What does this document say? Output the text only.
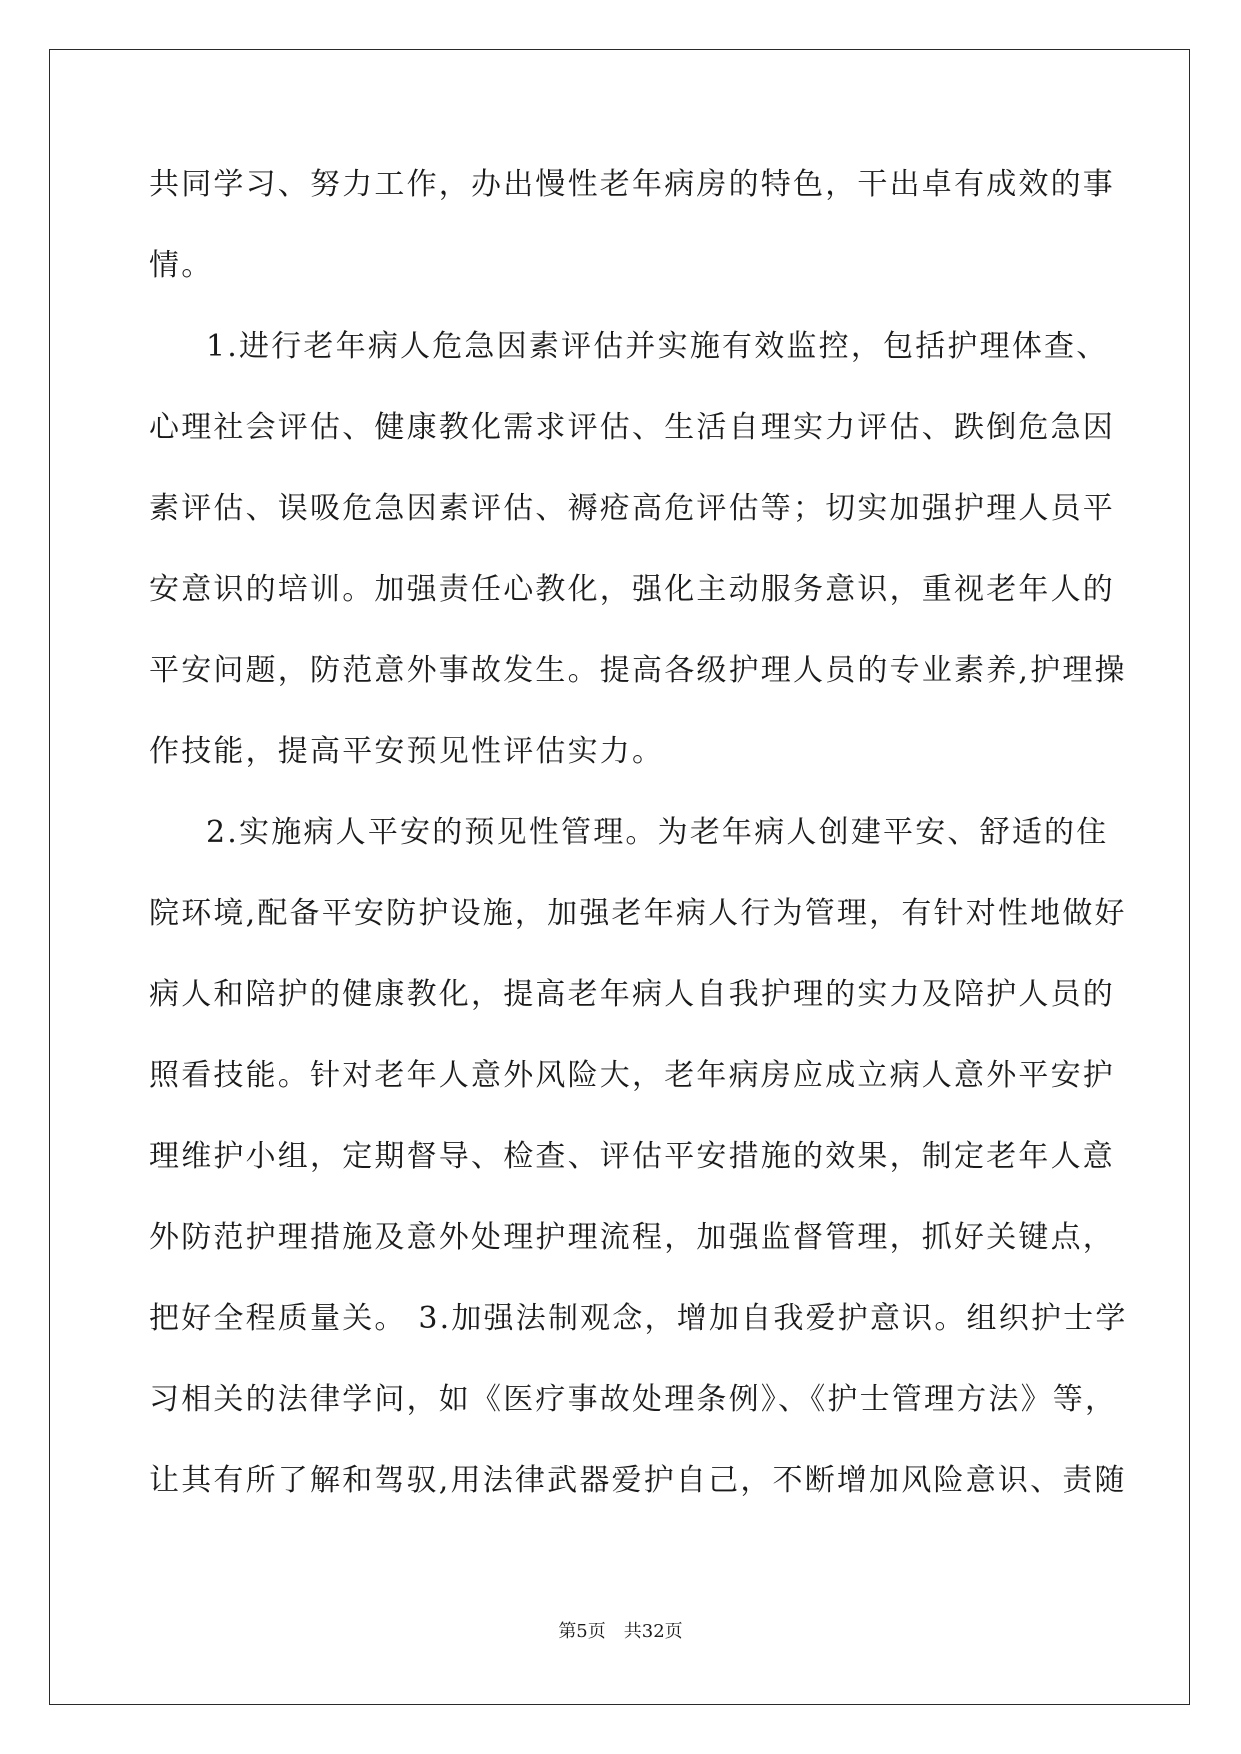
共同学习、努力工作，办出慢性老年病房的特色，干出卓有成效的事
情。
1.进行老年病人危急因素评估并实施有效监控，包括护理体查、
心理社会评估、健康教化需求评估、生活自理实力评估、跌倒危急因
素评估、误吸危急因素评估、褥疮高危评估等；切实加强护理人员平
安意识的培训。加强责任心教化，强化主动服务意识，重视老年人的
平安问题，防范意外事故发生。提高各级护理人员的专业素养,护理操
作技能，提高平安预见性评估实力。
2.实施病人平安的预见性管理。为老年病人创建平安、舒适的住
院环境,配备平安防护设施，加强老年病人行为管理，有针对性地做好
病人和陪护的健康教化，提高老年病人自我护理的实力及陪护人员的
照看技能。针对老年人意外风险大，老年病房应成立病人意外平安护
理维护小组，定期督导、检查、评估平安措施的效果，制定老年人意
外防范护理措施及意外处理护理流程，加强监督管理，抓好关键点，
把好全程质量关。 3.加强法制观念，增加自我爱护意识。组织护士学
习相关的法律学问，如《医疗事故处理条例》、《护士管理方法》等，
让其有所了解和驾驭,用法律武器爱护自己，不断增加风险意识、责随
第5页 共32页
